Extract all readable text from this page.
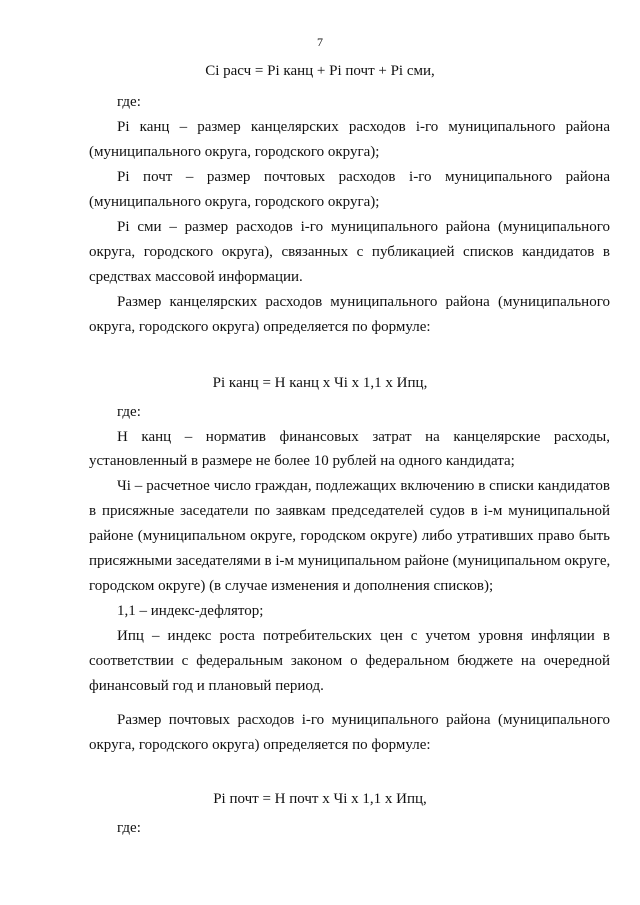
7
Ci расч = Pi канц + Pi почт + Pi сми,
где:
Pi канц – размер канцелярских расходов i-го муниципального района
(муниципального округа, городского округа);
Pi почт – размер почтовых расходов i-го муниципального района
(муниципального округа, городского округа);
Pi сми – размер расходов i-го муниципального района (муниципального
округа, городского округа), связанных с публикацией списков кандидатов в
средствах массовой информации.
Размер канцелярских расходов муниципального района (муниципального
округа, городского округа) определяется по формуле:
Pi канц = Н канц х Чi х 1,1 х Ипц,
где:
Н канц – норматив финансовых затрат на канцелярские расходы,
установленный в размере не более 10 рублей на одного кандидата;
Чi – расчетное число граждан, подлежащих включению в списки кандидатов
в присяжные заседатели по заявкам председателей судов в i-м муниципальной
районе (муниципальном округе, городском округе) либо утративших право быть
присяжными заседателями в i-м муниципальном районе (муниципальном округе,
городском округе) (в случае изменения и дополнения списков);
1,1 – индекс-дефлятор;
Ипц – индекс роста потребительских цен с учетом уровня инфляции в
соответствии с федеральным законом о федеральном бюджете на очередной
финансовый год и плановый период.
Размер почтовых расходов i-го муниципального района (муниципального
округа, городского округа) определяется по формуле:
Pi почт = Н почт х Чi х 1,1 х Ипц,
где:
